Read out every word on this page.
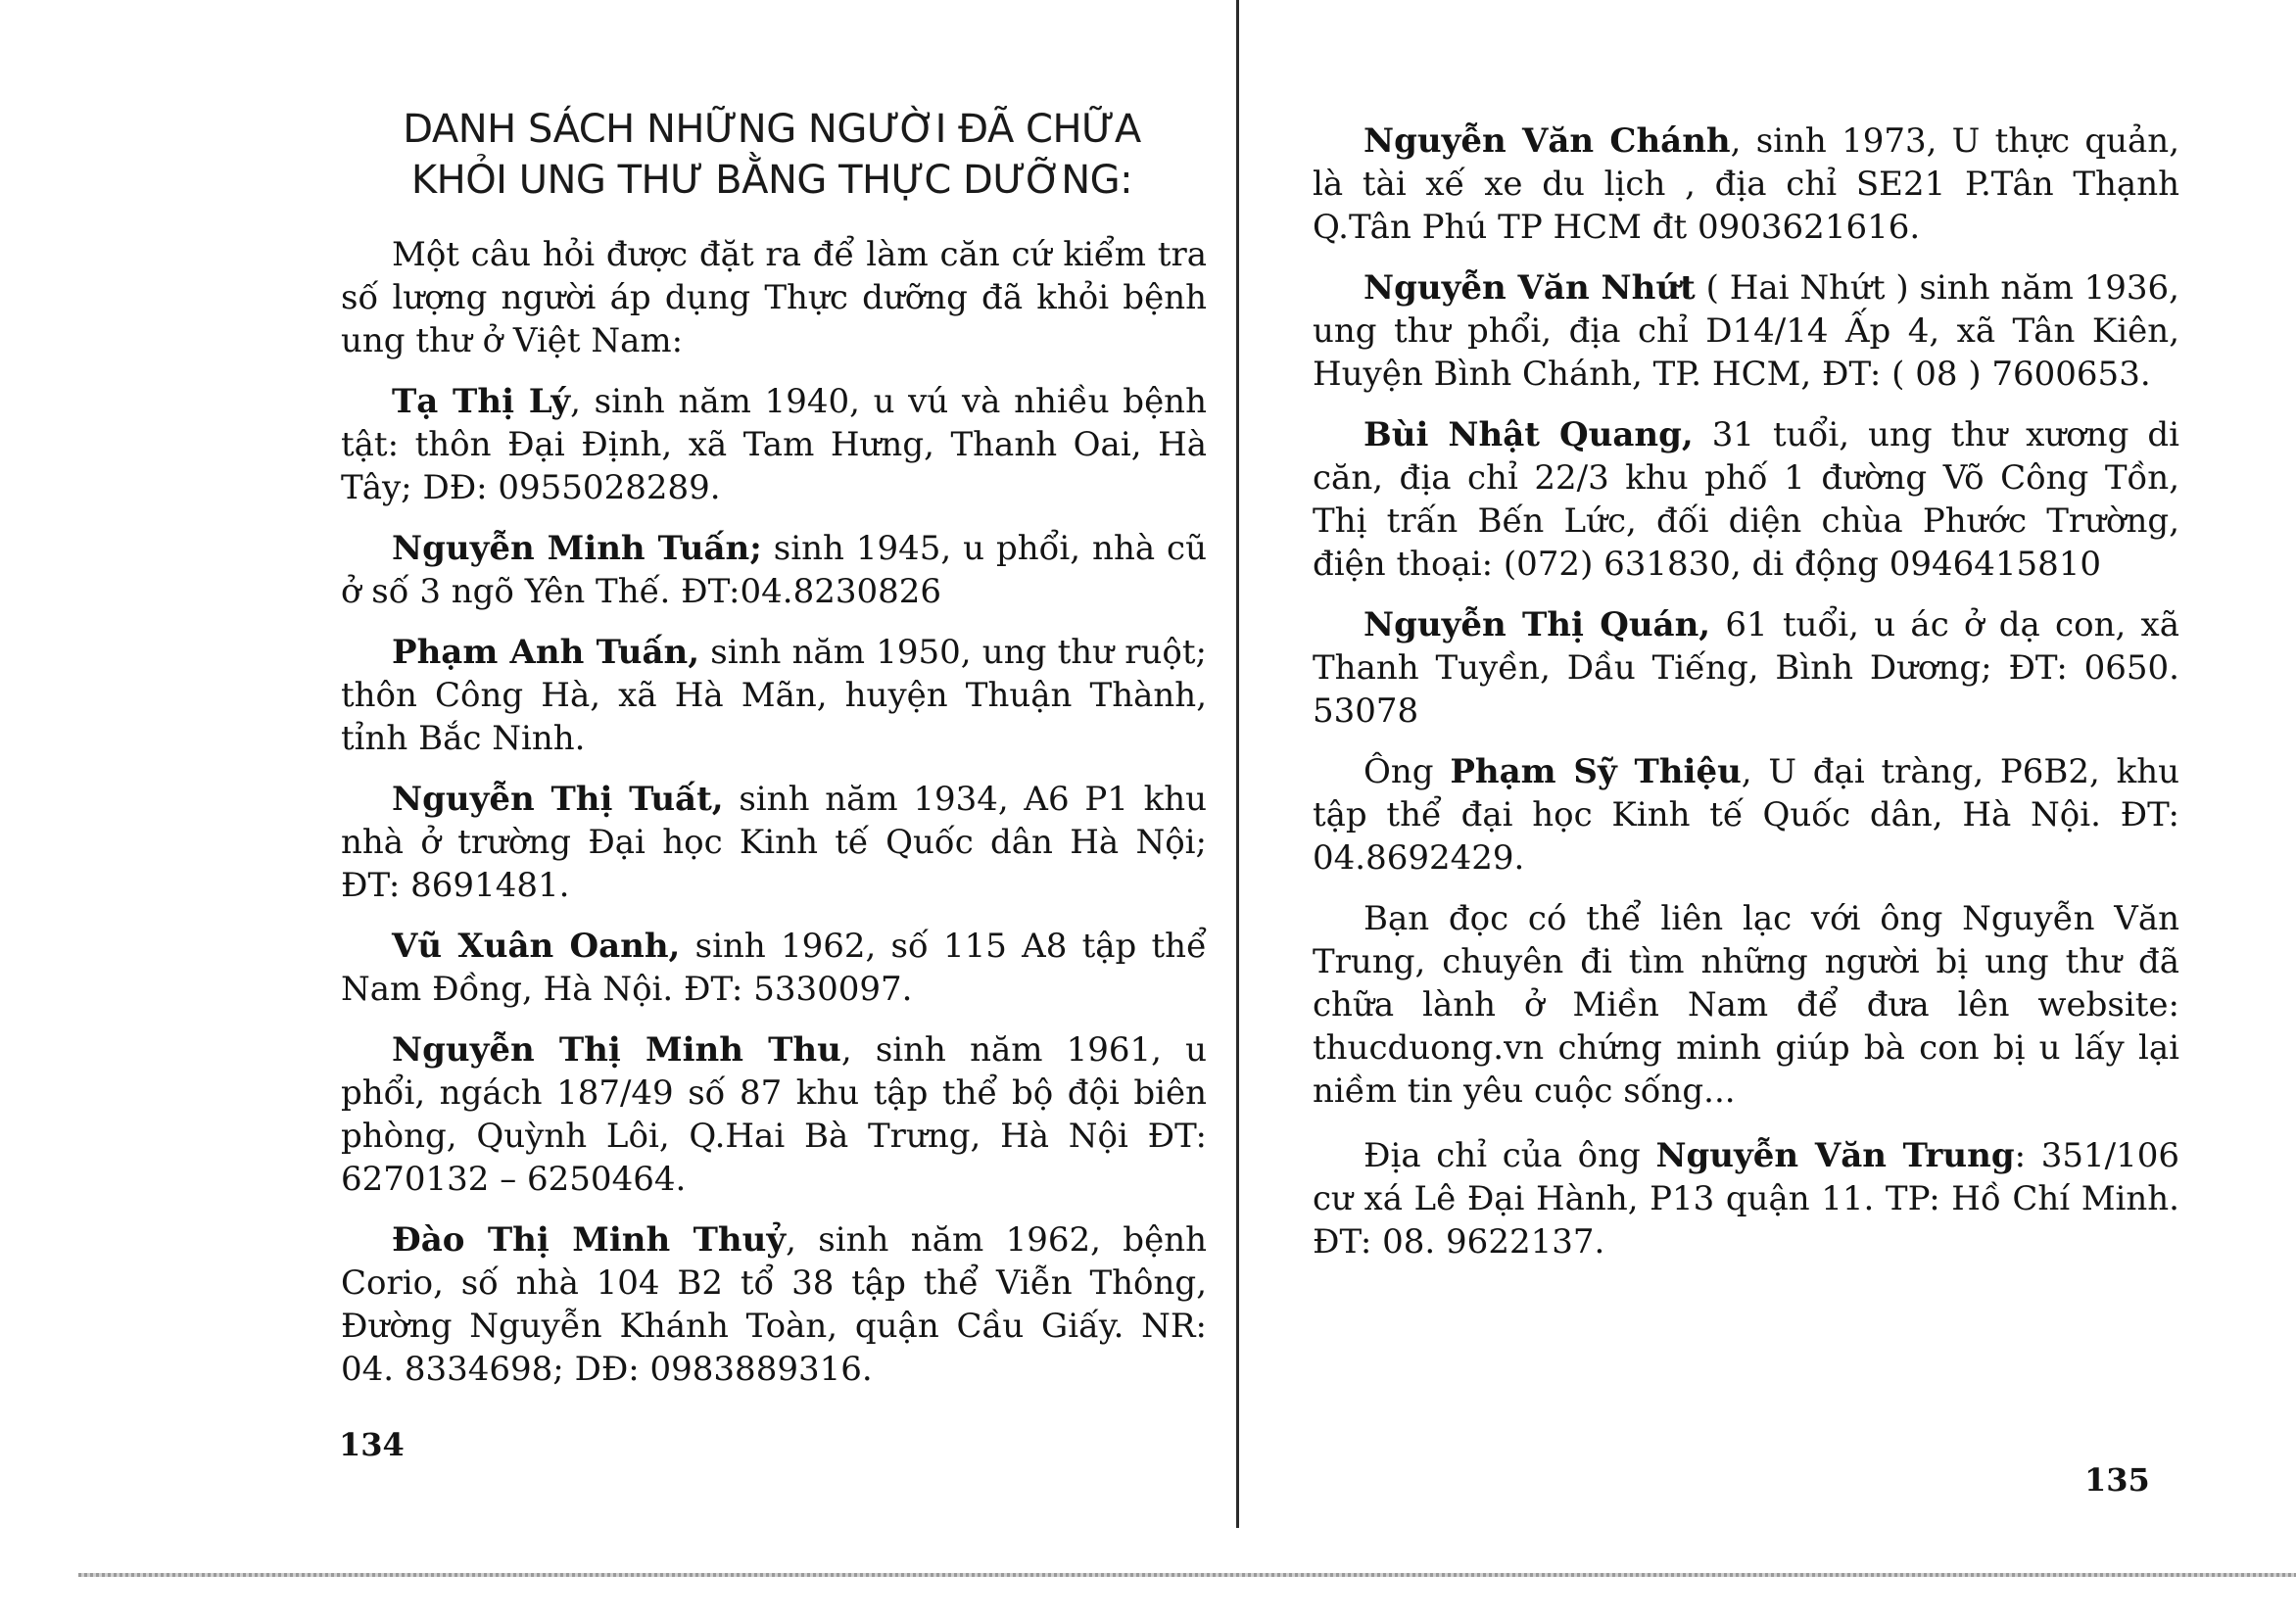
DANH SÁCH NHỮNG NGƯỜI ĐÃ CHỮA
KHỎI UNG THƯ BẰNG THỰC DƯỠNG:

Một câu hỏi được đặt ra để làm căn cứ kiểm tra số lượng người áp dụng Thực dưỡng đã khỏi bệnh ung thư ở Việt Nam:

Tạ Thị Lý, sinh năm 1940, u vú và nhiều bệnh tật: thôn Đại Định, xã Tam Hưng, Thanh Oai, Hà Tây; DĐ: 0955028289.

Nguyễn Minh Tuấn; sinh 1945, u phổi, nhà cũ ở số 3 ngõ Yên Thế. ĐT:04.8230826

Phạm Anh Tuấn, sinh năm 1950, ung thư ruột; thôn Công Hà, xã Hà Mãn, huyện Thuận Thành, tỉnh Bắc Ninh.

Nguyễn Thị Tuất, sinh năm 1934, A6 P1 khu nhà ở trường Đại học Kinh tế Quốc dân Hà Nội; ĐT: 8691481.

Vũ Xuân Oanh, sinh 1962, số 115 A8 tập thể Nam Đồng, Hà Nội. ĐT: 5330097.

Nguyễn Thị Minh Thu, sinh năm 1961, u phổi, ngách 187/49 số 87 khu tập thể bộ đội biên phòng, Quỳnh Lôi, Q.Hai Bà Trưng, Hà Nội ĐT: 6270132 – 6250464.

Đào Thị Minh Thuỷ, sinh năm 1962, bệnh Corio, số nhà 104 B2 tổ 38 tập thể Viễn Thông, Đường Nguyễn Khánh Toàn, quận Cầu Giấy. NR: 04. 8334698; DĐ: 0983889316.

134

Nguyễn Văn Chánh, sinh 1973, U thực quản, là tài xế xe du lịch , địa chỉ SE21 P.Tân Thạnh Q.Tân Phú TP HCM đt 0903621616.

Nguyễn Văn Nhứt ( Hai Nhứt ) sinh năm 1936, ung thư phổi, địa chỉ D14/14 Ấp 4, xã Tân Kiên, Huyện Bình Chánh, TP. HCM, ĐT: ( 08 ) 7600653.

Bùi Nhật Quang, 31 tuổi, ung thư xương di căn, địa chỉ 22/3 khu phố 1 đường Võ Công Tồn, Thị trấn Bến Lức, đối diện chùa Phước Trường, điện thoại: (072) 631830, di động 0946415810

Nguyễn Thị Quán, 61 tuổi, u ác ở dạ con, xã Thanh Tuyền, Dầu Tiếng, Bình Dương; ĐT: 0650. 53078

Ông Phạm Sỹ Thiệu, U đại tràng, P6B2, khu tập thể đại học Kinh tế Quốc dân, Hà Nội. ĐT: 04.8692429.

Bạn đọc có thể liên lạc với ông Nguyễn Văn Trung, chuyên đi tìm những người bị ung thư đã chữa lành ở Miền Nam để đưa lên website: thucduong.vn chứng minh giúp bà con bị u lấy lại niềm tin yêu cuộc sống...

Địa chỉ của ông Nguyễn Văn Trung: 351/106 cư xá Lê Đại Hành, P13 quận 11. TP: Hồ Chí Minh. ĐT: 08. 9622137.

135
